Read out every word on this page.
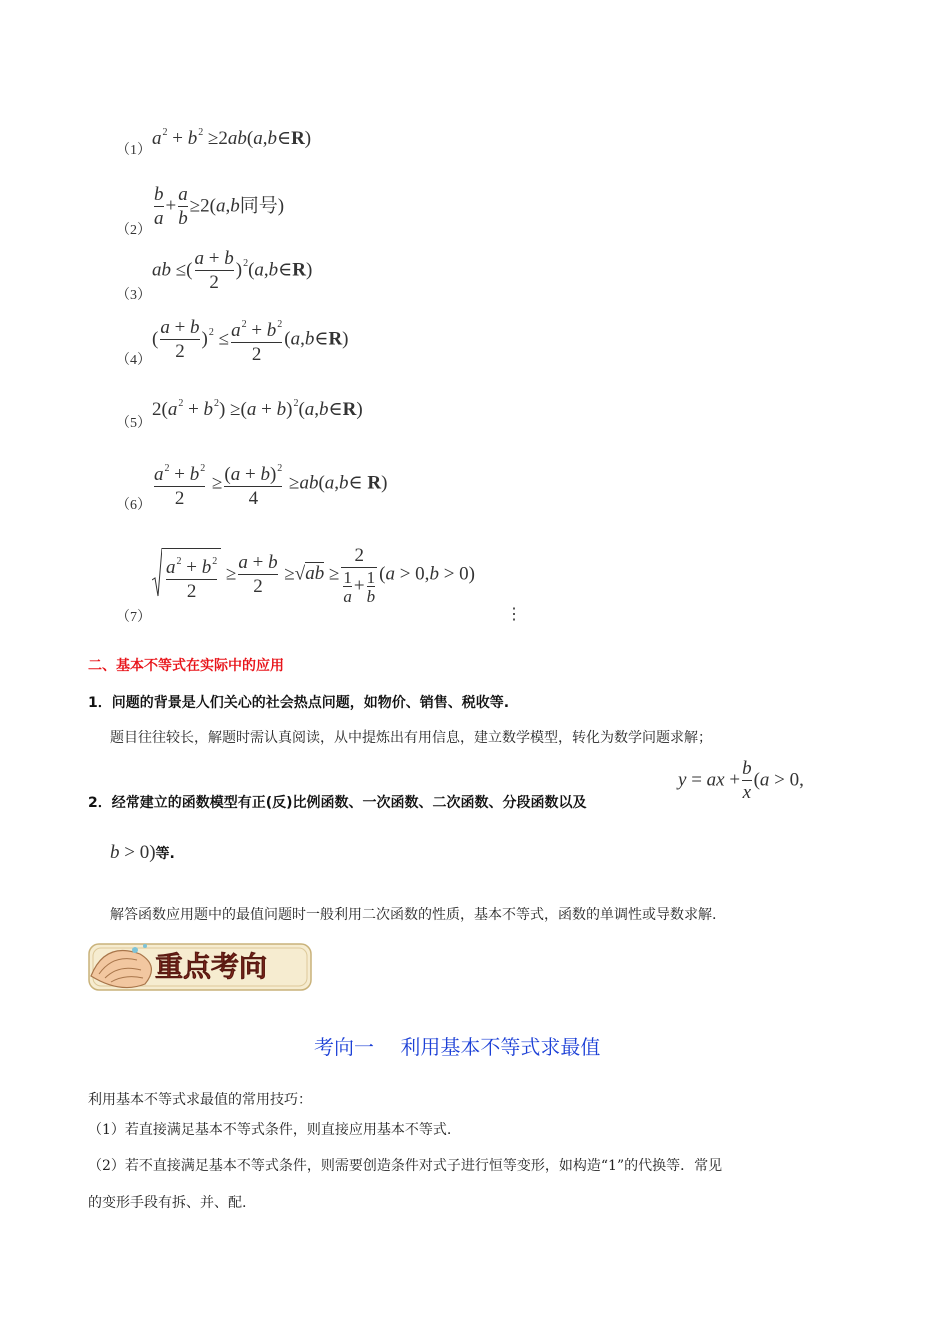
（1）
$a^2 + b^2$ ≥2ab(a,b∈R)
（2）
$\frac{b}{a} + \frac{a}{b} \ge 2(a,b$同号)
（3）
ab ≤( $\frac{a + b}{2}$ )$^2$(a,b∈R)
（4）
( $\frac{a + b}{2} )^2 \le \frac{a^2 + b^2}{2}$ (a,b∈R)
（5）
$2(a^2 + b^2) \ge(a$ + $b)^2(a,b\in R)$
$(6) \frac{a^2 + b^2}{2} \ge \frac{(a + b)^2}{4}$ ≥ab(a,b∈ R)
（7）
$\frac{a^2 + b^2}{2} \ge \frac{a + b}{2} \ge√ab \ge \frac{2}{\frac{1}{a} + \frac{1}{b}} (a > 0,b > 0)$
⋮
二、基本不等式在实际中的应用
1．问题的背景是人们关心的社会热点问题，如物价、销售、税收等.
题目往往较长，解题时需认真阅读，从中提炼出有用信息，建立数学模型，转化为数学问题求解；
2．经常建立的函数模型有正(反)比例函数、一次函数、二次函数、分段函数以及
y = ax + $\frac{b}{x} (a > 0$,
b > 0)等.
解答函数应用题中的最值问题时一般利用二次函数的性质，基本不等式，函数的单调性或导数求解.
重点考向
考向一　 利用基本不等式求最值
利用基本不等式求最值的常用技巧：
（1）若直接满足基本不等式条件，则直接应用基本不等式.
（2）若不直接满足基本不等式条件，则需要创造条件对式子进行恒等变形，如构造“1”的代换等．常见
的变形手段有拆、并、配.
